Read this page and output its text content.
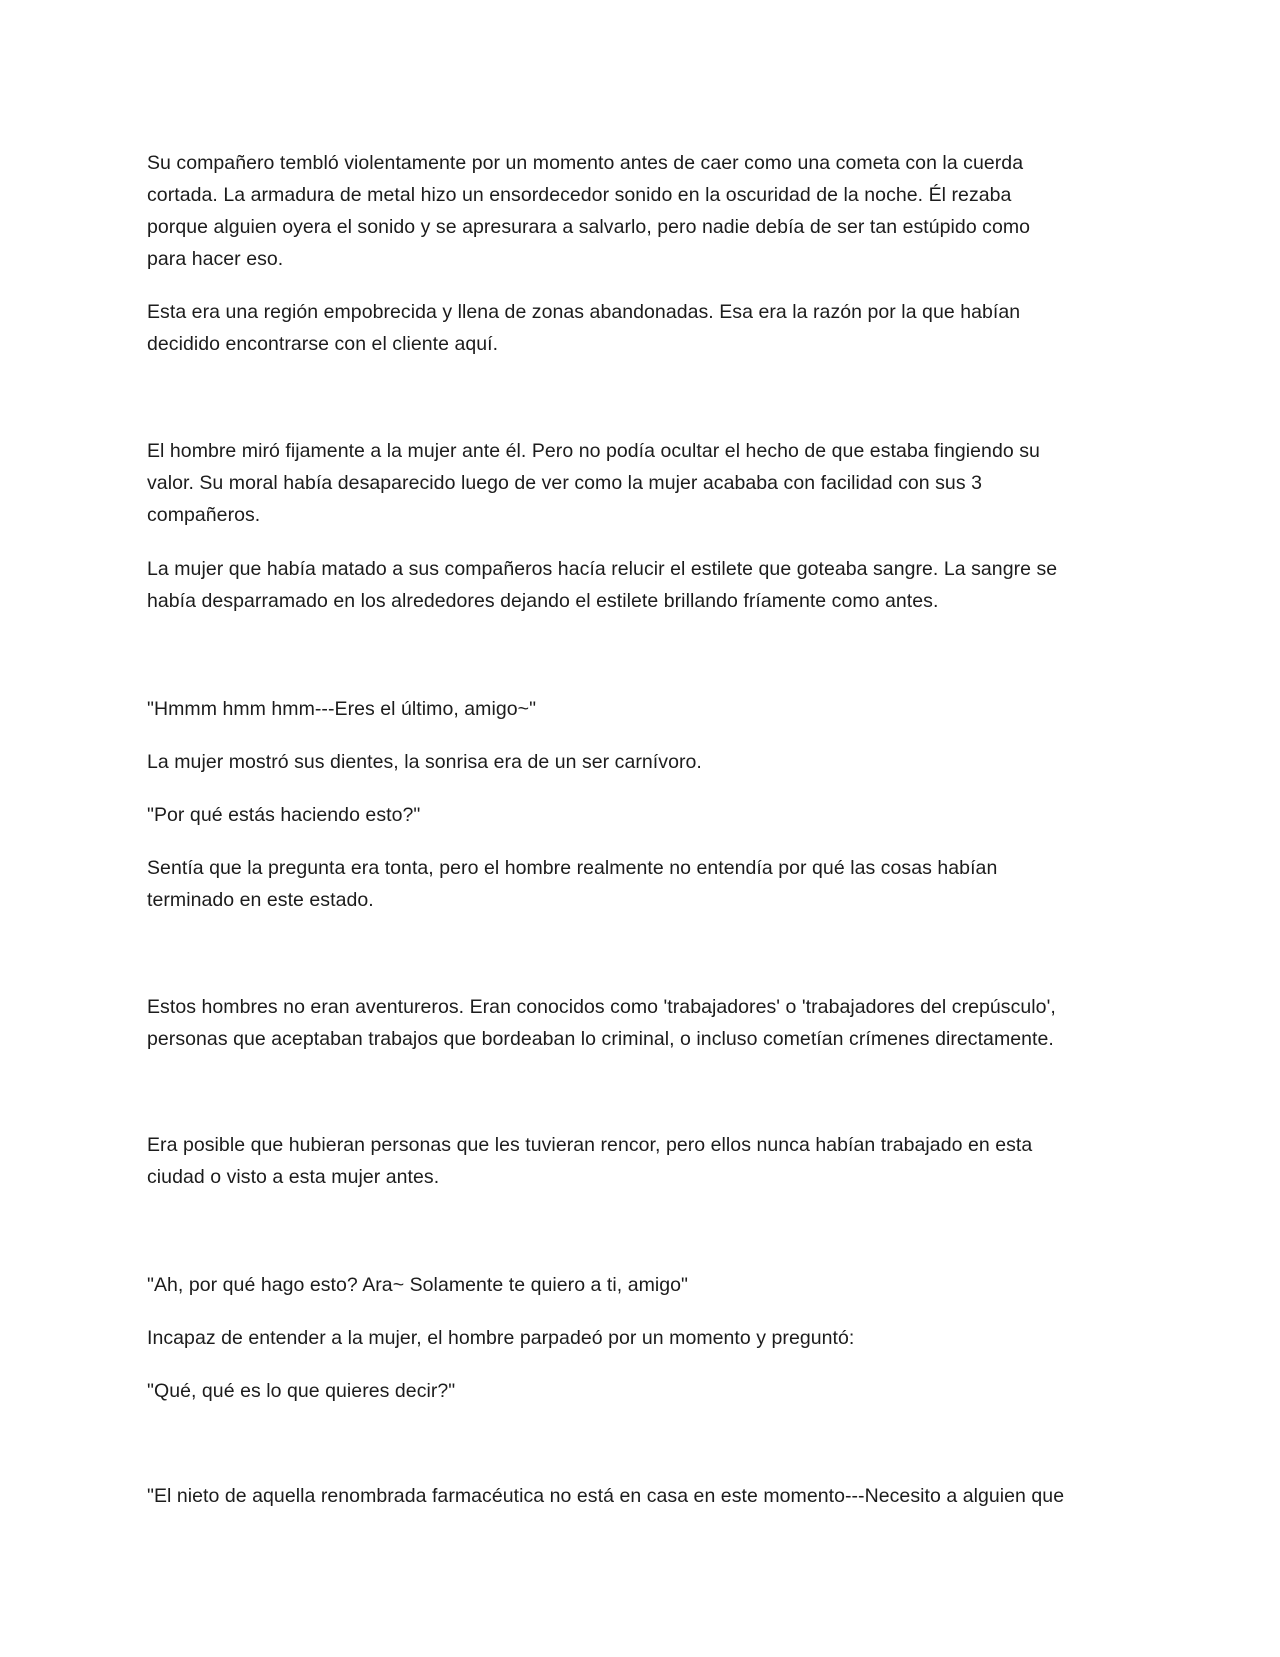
Su compañero tembló violentamente por un momento antes de caer como una cometa con la cuerda
cortada. La armadura de metal hizo un ensordecedor sonido en la oscuridad de la noche. Él rezaba
porque alguien oyera el sonido y se apresurara a salvarlo, pero nadie debía de ser tan estúpido como
para hacer eso.

Esta era una región empobrecida y llena de zonas abandonadas. Esa era la razón por la que habían
decidido encontrarse con el cliente aquí.

El hombre miró fijamente a la mujer ante él. Pero no podía ocultar el hecho de que estaba fingiendo su
valor. Su moral había desaparecido luego de ver como la mujer acababa con facilidad con sus 3
compañeros.

La mujer que había matado a sus compañeros hacía relucir el estilete que goteaba sangre. La sangre se
había desparramado en los alrededores dejando el estilete brillando fríamente como antes.

"Hmmm hmm hmm---Eres el último, amigo~"

La mujer mostró sus dientes, la sonrisa era de un ser carnívoro.

"Por qué estás haciendo esto?"

Sentía que la pregunta era tonta, pero el hombre realmente no entendía por qué las cosas habían
terminado en este estado.

Estos hombres no eran aventureros. Eran conocidos como 'trabajadores' o 'trabajadores del crepúsculo',
personas que aceptaban trabajos que bordeaban lo criminal, o incluso cometían crímenes directamente.

Era posible que hubieran personas que les tuvieran rencor, pero ellos nunca habían trabajado en esta
ciudad o visto a esta mujer antes.

"Ah, por qué hago esto? Ara~ Solamente te quiero a ti, amigo"

Incapaz de entender a la mujer, el hombre parpadeó por un momento y preguntó:

"Qué, qué es lo que quieres decir?"

"El nieto de aquella renombrada farmacéutica no está en casa en este momento---Necesito a alguien que
